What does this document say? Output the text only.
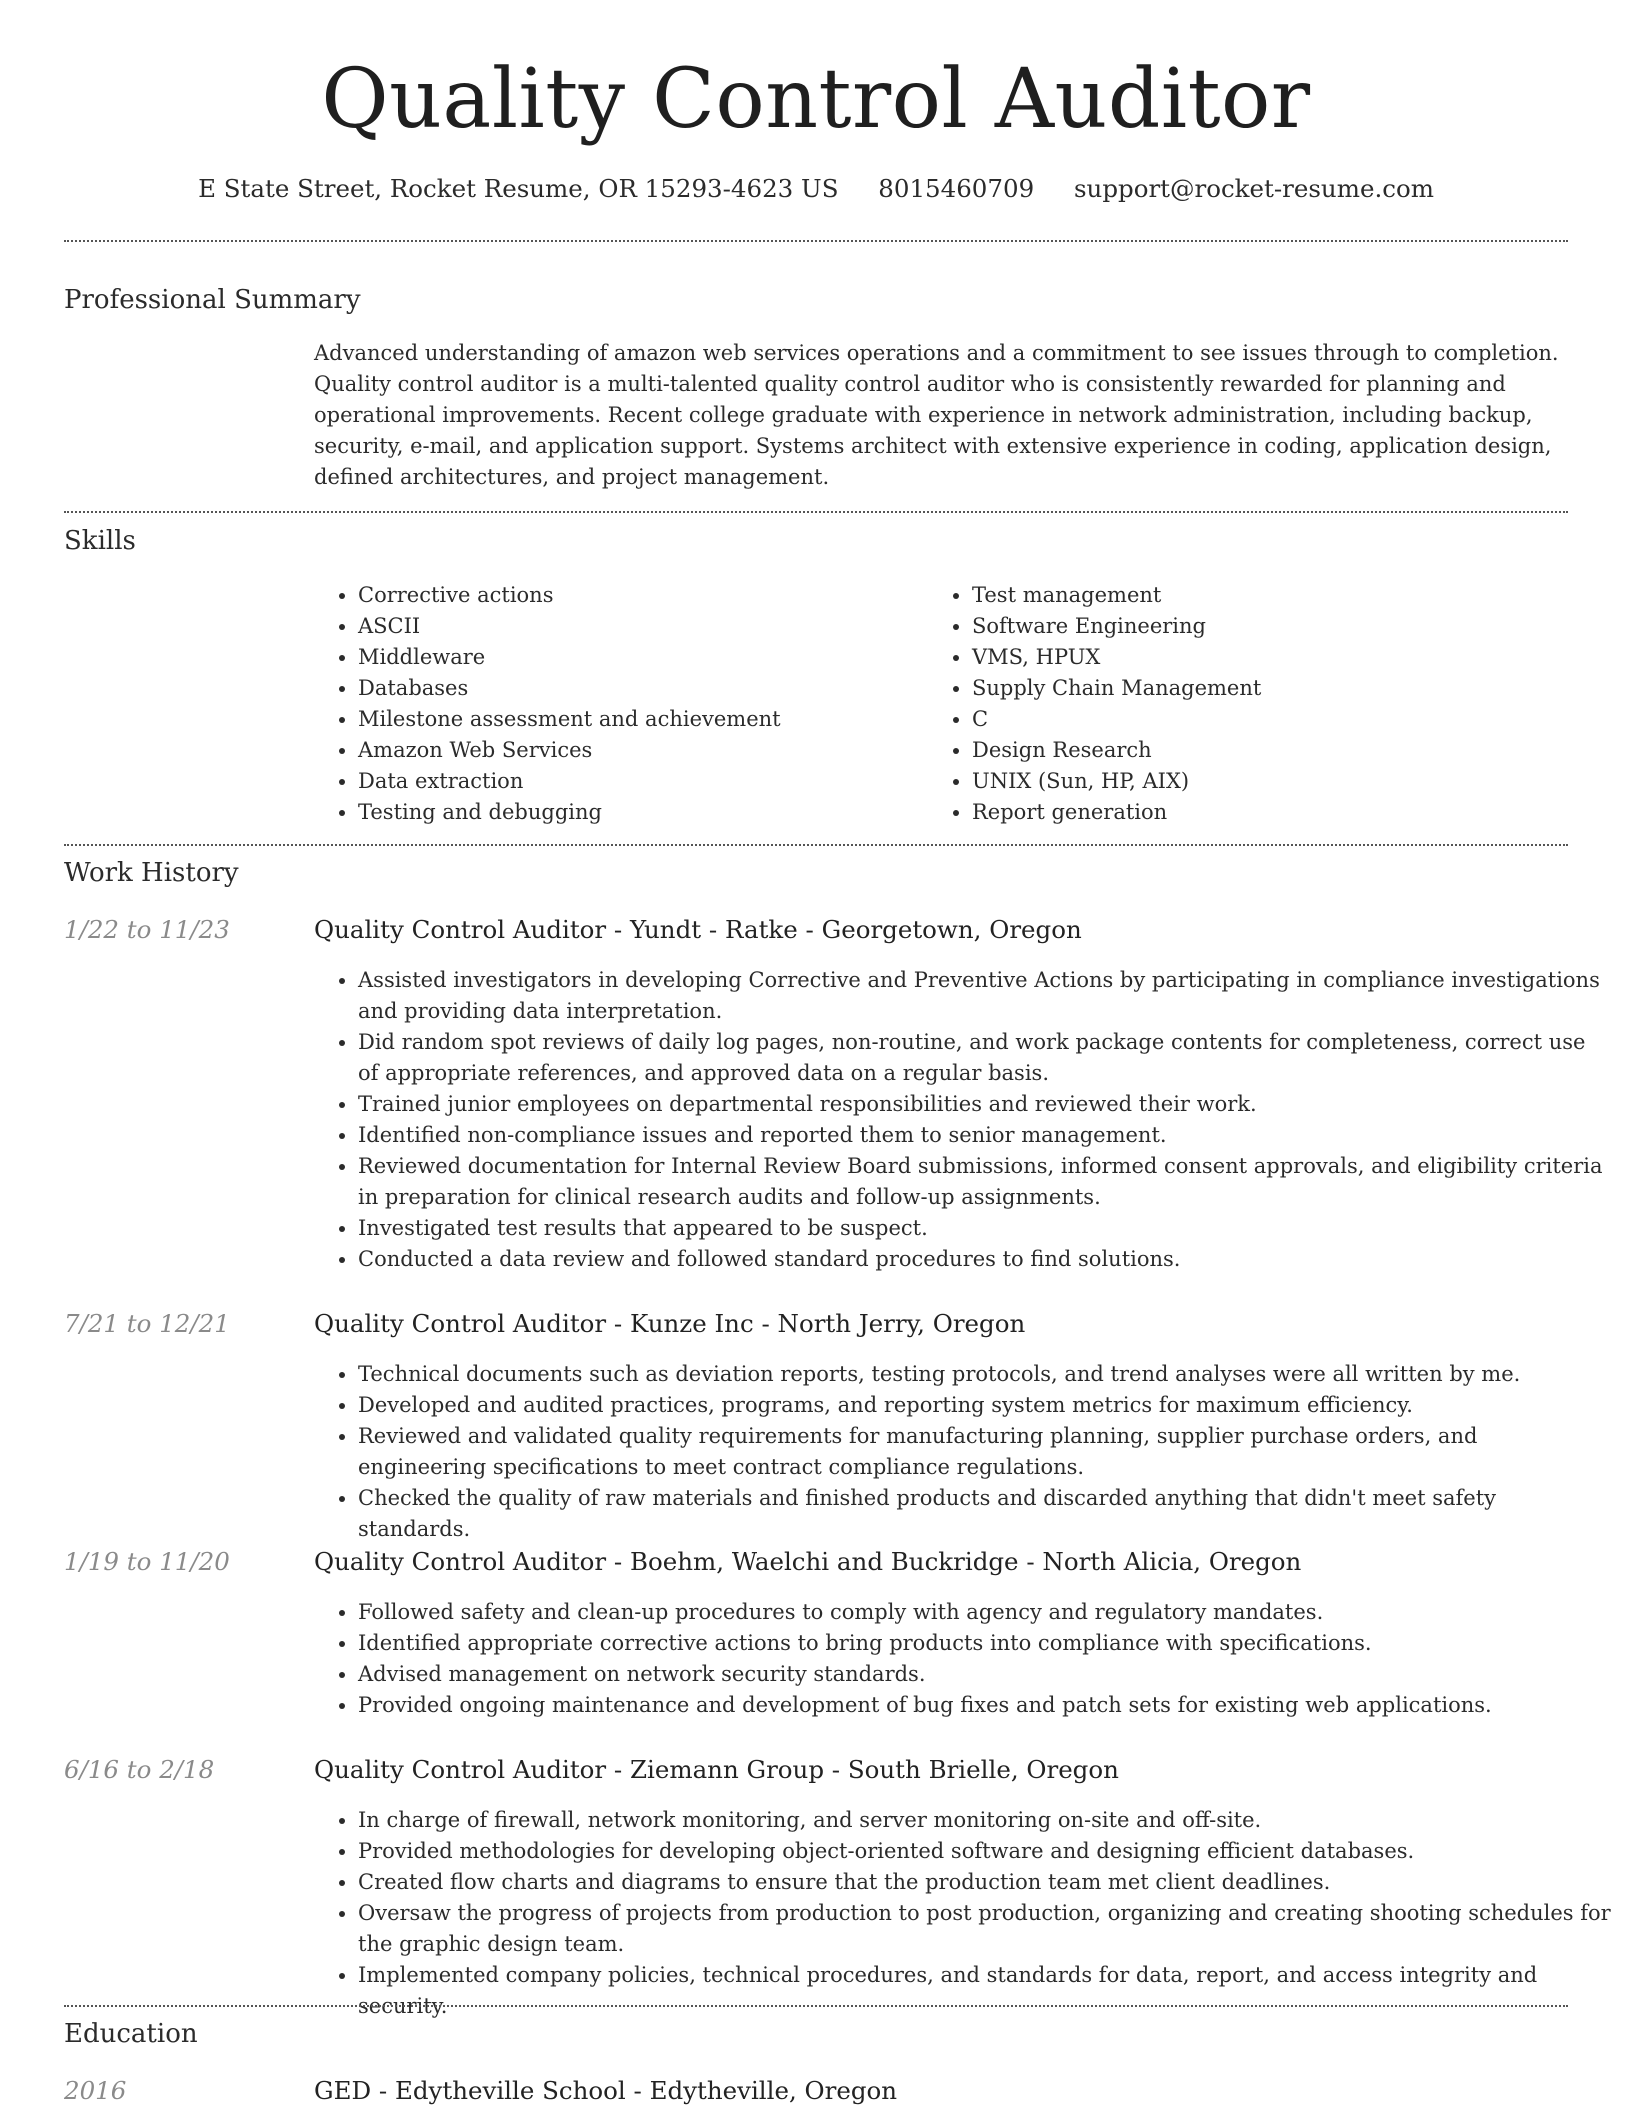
Quality Control Auditor
E State Street, Rocket Resume, OR 15293-4623 US 8015460709 support@rocket-resume.com
Professional Summary

Advanced understanding of amazon web services operations and a commitment to see issues through to completion. Quality control auditor is a multi-talented quality control auditor who is consistently rewarded for planning and operational improvements. Recent college graduate with experience in network administration, including backup, security, e-mail, and application support. Systems architect with extensive experience in coding, application design, defined architectures, and project management.

Skills
• Corrective actions
• ASCII
• Middleware
• Databases
• Milestone assessment and achievement
• Amazon Web Services
• Data extraction
• Testing and debugging
• Test management
• Software Engineering
• VMS, HPUX
• Supply Chain Management
• C
• Design Research
• UNIX (Sun, HP, AIX)
• Report generation
Work History
1/22 to 11/23	Quality Control Auditor - Yundt - Ratke - Georgetown, Oregon
• Assisted investigators in developing Corrective and Preventive Actions by participating in compliance investigations and providing data interpretation.
• Did random spot reviews of daily log pages, non-routine, and work package contents for completeness, correct use of appropriate references, and approved data on a regular basis.
• Trained junior employees on departmental responsibilities and reviewed their work.
• Identified non-compliance issues and reported them to senior management.
• Reviewed documentation for Internal Review Board submissions, informed consent approvals, and eligibility criteria in preparation for clinical research audits and follow-up assignments.
• Investigated test results that appeared to be suspect.
• Conducted a data review and followed standard procedures to find solutions.
7/21 to 12/21	Quality Control Auditor - Kunze Inc - North Jerry, Oregon
• Technical documents such as deviation reports, testing protocols, and trend analyses were all written by me.
• Developed and audited practices, programs, and reporting system metrics for maximum efficiency.
• Reviewed and validated quality requirements for manufacturing planning, supplier purchase orders, and engineering specifications to meet contract compliance regulations.
• Checked the quality of raw materials and finished products and discarded anything that didn't meet safety standards.
1/19 to 11/20	Quality Control Auditor - Boehm, Waelchi and Buckridge - North Alicia, Oregon
• Followed safety and clean-up procedures to comply with agency and regulatory mandates.
• Identified appropriate corrective actions to bring products into compliance with specifications.
• Advised management on network security standards.
• Provided ongoing maintenance and development of bug fixes and patch sets for existing web applications.
6/16 to 2/18	Quality Control Auditor - Ziemann Group - South Brielle, Oregon
• In charge of firewall, network monitoring, and server monitoring on-site and off-site.
• Provided methodologies for developing object-oriented software and designing efficient databases.
• Created flow charts and diagrams to ensure that the production team met client deadlines.
• Oversaw the progress of projects from production to post production, organizing and creating shooting schedules for the graphic design team.
• Implemented company policies, technical procedures, and standards for data, report, and access integrity and security.
Education
2016	GED - Edytheville School - Edytheville, Oregon
